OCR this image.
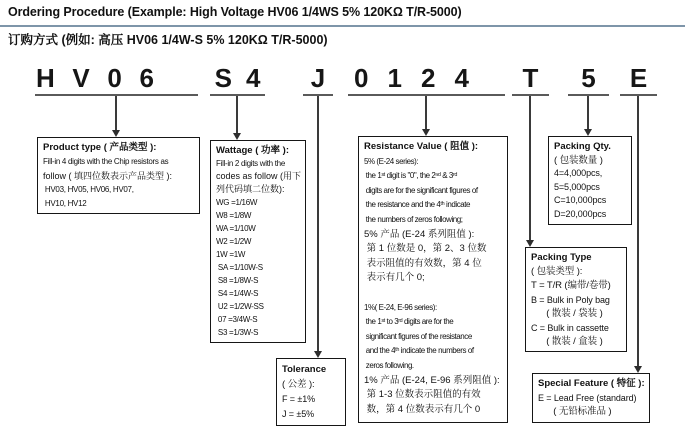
Ordering Procedure (Example: High Voltage HV06 1/4WS 5% 120KΩ T/R-5000)
订购方式 (例如: 高压 HV06 1/4W-S 5% 120KΩ T/R-5000)
H V 0 6 S 4 J 0 1 2 4 T 5 E
Product type ( 产品类型 ):
Fill-in 4 digits with the Chip resistors as
follow ( 填四位数表示产品类型 ):
HV03, HV05, HV06, HV07,
HV10, HV12
Wattage ( 功率 ):
Fill-in 2 digits with the
codes as follow (用下
列代码填二位数):
WG =1/16W
W8 =1/8W
WA =1/10W
W2 =1/2W
1W =1W
SA =1/10W-S
S8 =1/8W-S
S4 =1/4W-S
U2 =1/2W-SS
07 =3/4W-S
S3 =1/3W-S
Tolerance
( 公差 ):
F = ±1%
J = ±5%
Resistance Value ( 阻值 ):
5% (E-24 series):
the 1ˢᵗ digit is "0", the 2ⁿᵈ & 3ʳᵈ
digits are for the significant figures of
the resistance and the 4ᵗʰ indicate
the numbers of zeros following;
5% 产品 (E-24 系列阻值 ):
第 1 位数是 0，第 2、3 位数
表示阻值的有效数，第 4 位
表示有几个 0;

1%( E-24, E-96 series):
the 1ˢᵗ to 3ʳᵈ digits are for the
significant figures of the resistance
and the 4ᵗʰ indicate the numbers of
zeros following.
1% 产品 (E-24, E-96 系列阻值 ):
第 1-3 位数表示阻值的有效
数，第 4 位数表示有几个 0
Packing Qty.
( 包装数量 )
4=4,000pcs,
5=5,000pcs
C=10,000pcs
D=20,000pcs
Packing Type
( 包装类型 ):
T = T/R (编带/卷带)
B = Bulk in Poly bag
( 散装 / 袋装 )
C = Bulk in cassette
( 散装 / 盒装 )
Special Feature ( 特征 ):
E = Lead Free (standard)
( 无铅标准品 )
